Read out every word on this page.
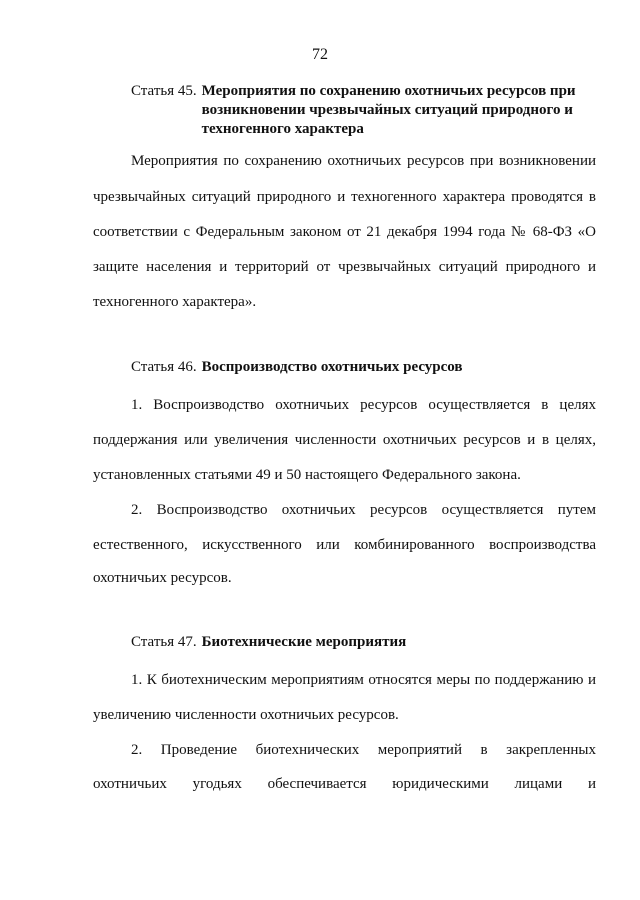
72
Статья 45. Мероприятия по сохранению охотничьих ресурсов при возникновении чрезвычайных ситуаций природного и техногенного характера
Мероприятия по сохранению охотничьих ресурсов при возникновении
чрезвычайных ситуаций природного и техногенного характера проводятся в
соответствии с Федеральным законом от 21 декабря 1994 года № 68-ФЗ «О
защите населения и территорий от чрезвычайных ситуаций природного и
техногенного характера».
Статья 46. Воспроизводство охотничьих ресурсов
1. Воспроизводство охотничьих ресурсов осуществляется в целях
поддержания или увеличения численности охотничьих ресурсов и в целях,
установленных статьями 49 и 50 настоящего Федерального закона.
2. Воспроизводство охотничьих ресурсов осуществляется путем
естественного, искусственного или комбинированного воспроизводства
охотничьих ресурсов.
Статья 47. Биотехнические мероприятия
1. К биотехническим мероприятиям относятся меры по поддержанию и
увеличению численности охотничьих ресурсов.
2. Проведение биотехнических мероприятий в закрепленных
охотничьих угодьях обеспечивается юридическими лицами и
